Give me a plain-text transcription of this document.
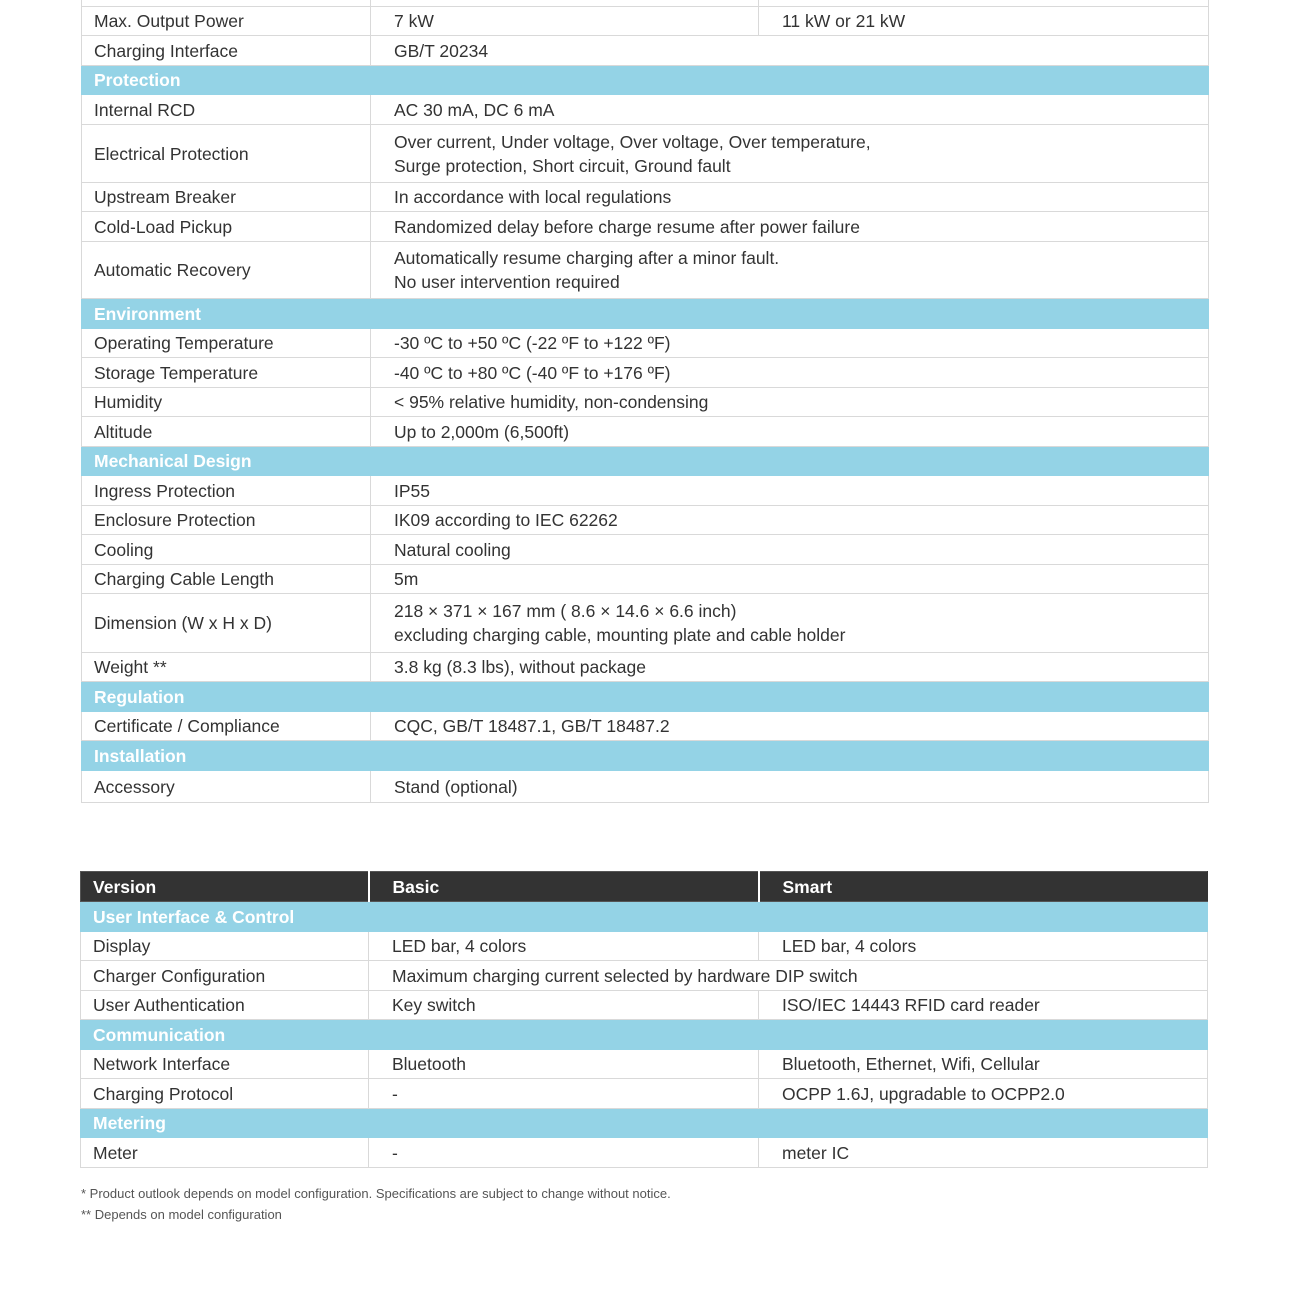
Max. Output Power	7 kW	11 kW or 21 kW
Charging Interface	GB/T 20234	
Protection		
Internal RCD	AC 30 mA, DC 6 mA	
Electrical Protection	Over current, Under voltage, Over voltage, Over temperature,
Surge protection, Short circuit, Ground fault	

Upstream Breaker	In accordance with local regulations	
Cold-Load Pickup	Randomized delay before charge resume after power failure	
Automatic Recovery	Automatically resume charging after a minor fault.
No user intervention required	

Environment		
Operating Temperature	-30 ºC to +50 ºC (-22 ºF to +122 ºF)	
Storage Temperature	-40 ºC to +80 ºC (-40 ºF to +176 ºF)	
Humidity	< 95% relative humidity, non-condensing	
Altitude	Up to 2,000m (6,500ft)	
Mechanical Design		
Ingress Protection	IP55	
Enclosure Protection	IK09 according to IEC 62262	
Cooling	Natural cooling	
Charging Cable Length	5m	
Dimension (W x H x D)	218 × 371 × 167 mm ( 8.6 × 14.6 × 6.6 inch)
excluding charging cable, mounting plate and cable holder	

Weight **	3.8 kg (8.3 lbs), without package	
Regulation		
Certificate / Compliance	CQC, GB/T 18487.1, GB/T 18487.2	
Installation		
Accessory	Stand (optional)	
Version	Basic	Smart
User Interface & Control		
Display	LED bar, 4 colors	LED bar, 4 colors
Charger Configuration	Maximum charging current selected by hardware DIP switch	
User Authentication	Key switch	ISO/IEC 14443 RFID card reader
Communication		
Network Interface	Bluetooth	Bluetooth, Ethernet, Wifi, Cellular
Charging Protocol	-	OCPP 1.6J, upgradable to OCPP2.0
Metering		
Meter	-	meter IC
* Product outlook depends on model configuration. Specifications are subject to change without notice.
** Depends on model configuration
